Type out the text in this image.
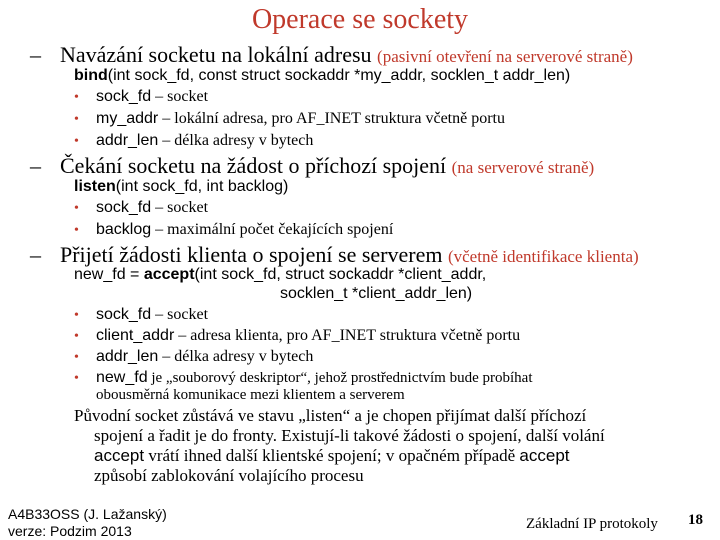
Operace se sockety
– Navázání socketu na lokální adresu (pasivní otevření na serverové straně)
bind(int sock_fd, const struct sockaddr *my_addr, socklen_t addr_len)
• sock_fd – socket
• my_addr – lokální adresa, pro AF_INET struktura včetně portu
• addr_len – délka adresy v bytech
– Čekání socketu na žádost o příchozí spojení (na serverové straně)
listen(int sock_fd, int backlog)
• sock_fd – socket
• backlog – maximální počet čekajících spojení
– Přijetí žádosti klienta o spojení se serverem (včetně identifikace klienta)
new_fd = accept(int sock_fd, struct sockaddr *client_addr,
socklen_t *client_addr_len)
• sock_fd – socket
• client_addr – adresa klienta, pro AF_INET struktura včetně portu
• addr_len – délka adresy v bytech
• new_fd je „souborový deskriptor“, jehož prostřednictvím bude probíhat
obousměrná komunikace mezi klientem a serverem
Původní socket zůstává ve stavu „listen“ a je chopen přijímat další příchozí
spojení a řadit je do fronty. Existují-li takové žádosti o spojení, další volání
accept vrátí ihned další klientské spojení; v opačném případě accept
způsobí zablokování volajícího procesu
A4B33OSS (J. Lažanský)
verze: Podzim 2013	Základní IP protokoly 18
